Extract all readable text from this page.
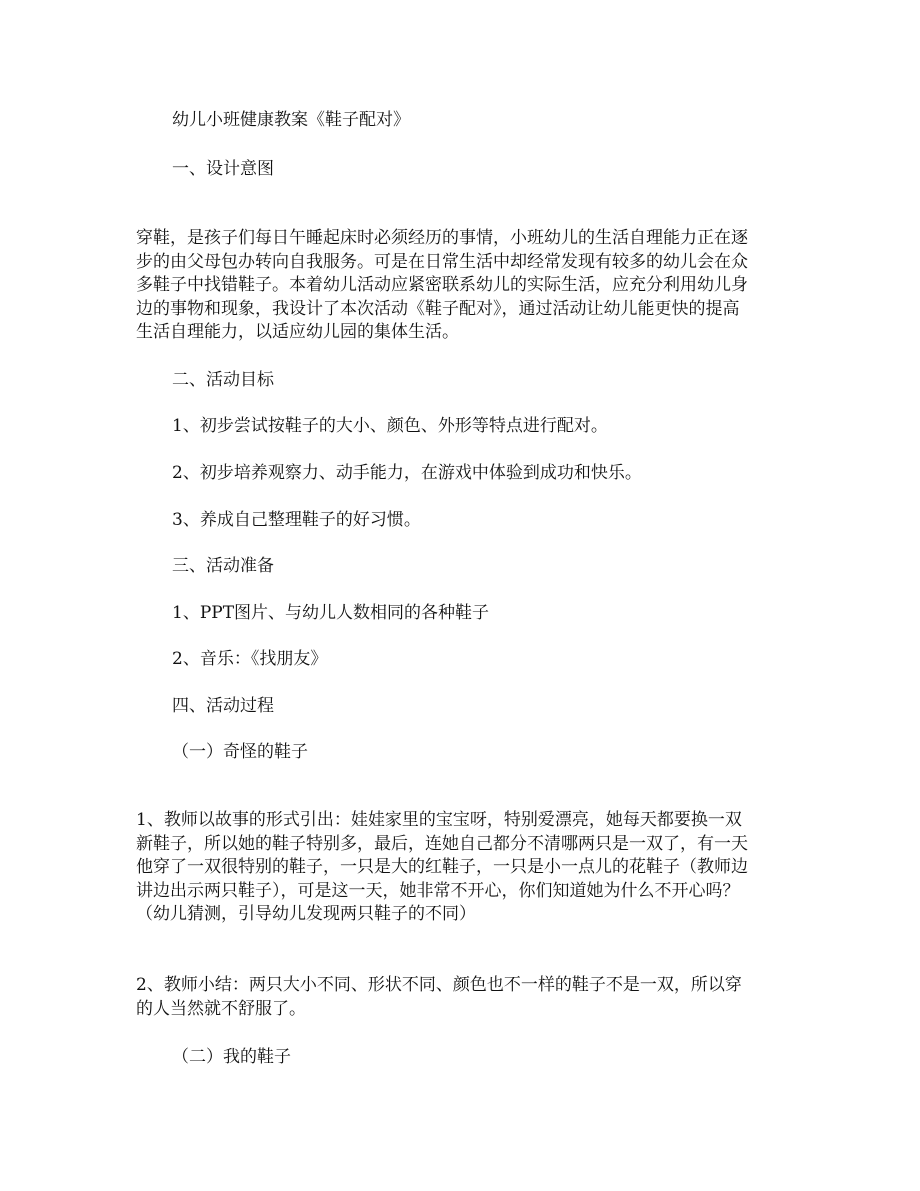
幼儿小班健康教案《鞋子配对》

一、设计意图

穿鞋，是孩子们每日午睡起床时必须经历的事情，小班幼儿的生活自理能力正在逐
步的由父母包办转向自我服务。可是在日常生活中却经常发现有较多的幼儿会在众
多鞋子中找错鞋子。本着幼儿活动应紧密联系幼儿的实际生活，应充分利用幼儿身
边的事物和现象，我设计了本次活动《鞋子配对》，通过活动让幼儿能更快的提高
生活自理能力，以适应幼儿园的集体生活。

二、活动目标

1、初步尝试按鞋子的大小、颜色、外形等特点进行配对。

2、初步培养观察力、动手能力，在游戏中体验到成功和快乐。

3、养成自己整理鞋子的好习惯。

三、活动准备

1、PPT图片、与幼儿人数相同的各种鞋子

2、音乐：《找朋友》

四、活动过程

（一）奇怪的鞋子

1、教师以故事的形式引出：娃娃家里的宝宝呀，特别爱漂亮，她每天都要换一双
新鞋子，所以她的鞋子特别多，最后，连她自己都分不清哪两只是一双了，有一天
他穿了一双很特别的鞋子，一只是大的红鞋子，一只是小一点儿的花鞋子（教师边
讲边出示两只鞋子），可是这一天，她非常不开心，你们知道她为什么不开心吗？
（幼儿猜测，引导幼儿发现两只鞋子的不同）
2、教师小结：两只大小不同、形状不同、颜色也不一样的鞋子不是一双，所以穿
的人当然就不舒服了。

（二）我的鞋子
